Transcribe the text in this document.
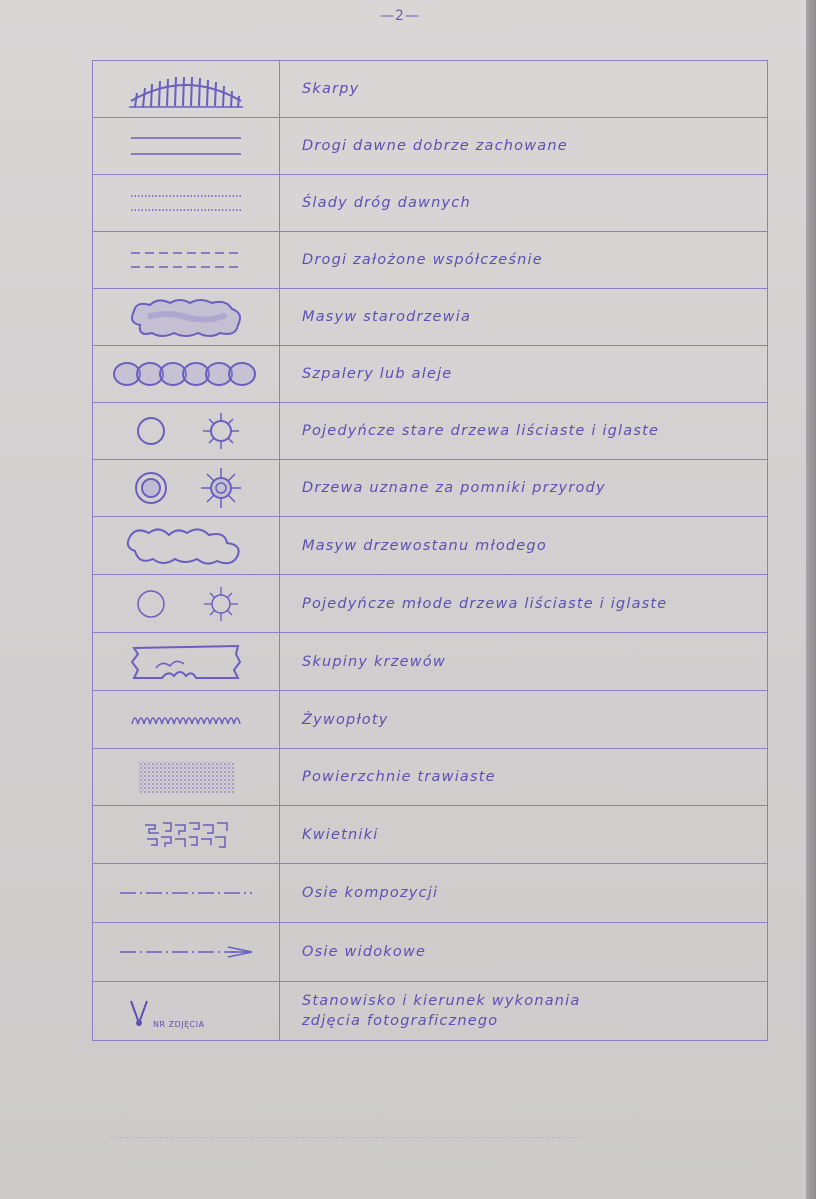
—2—
Skarpy
Drogi dawne dobrze zachowane
Ślady dróg dawnych
Drogi założone współcześnie
Masyw starodrzewia
Szpalery lub aleje
Pojedyńcze stare drzewa liściaste i iglaste
Drzewa uznane za pomniki przyrody
Masyw drzewostanu młodego
Pojedyńcze młode drzewa liściaste i iglaste
Skupiny krzewów
Żywopłoty
Powierzchnie trawiaste
Kwietniki
Osie kompozycji
Osie widokowe
NR ZDJĘCIA
Stanowisko i kierunek wykonania
zdjęcia fotograficznego
